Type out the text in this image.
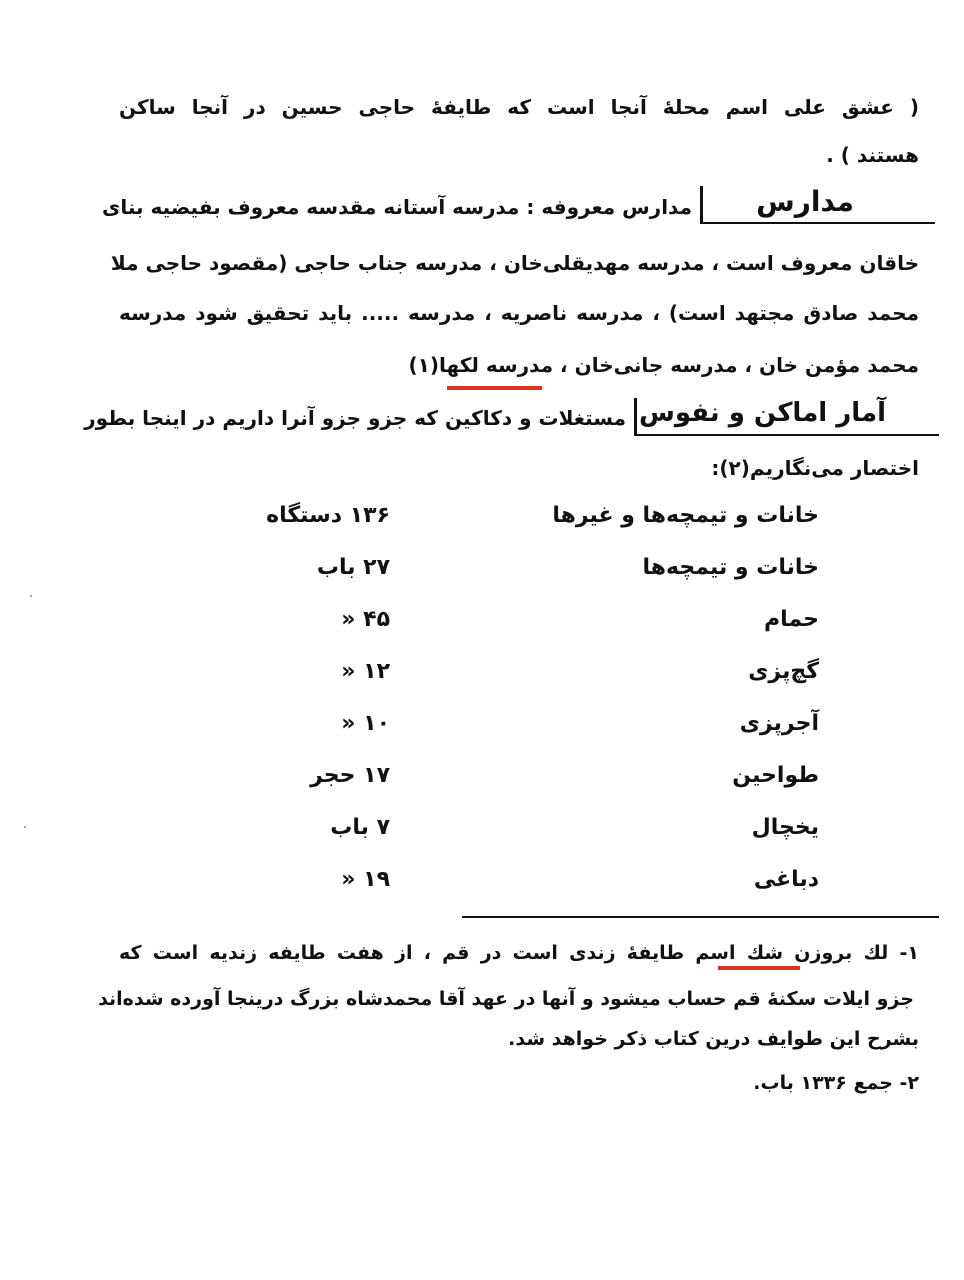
( عشق علی اسم محلهٔ آنجا است که طایفهٔ حاجی حسین در آنجا ساکن
هستند ) .
مدارس
مدارس معروفه : مدرسه آستانه مقدسه معروف بفیضیه بنای
خاقان معروف است ، مدرسه مهدیقلی‌خان ، مدرسه جناب حاجی (مقصود حاجی ملا
محمد صادق مجتهد است) ، مدرسه ناصریه ، مدرسه ..... باید تحقیق شود مدرسه
محمد مؤمن خان ، مدرسه جانی‌خان ، مدرسه لکها(۱)
آمار اماکن و نفوس
مستغلات و دکاکین که جزو جزو آنرا داریم در اینجا بطور
اختصار می‌نگاریم(۲):
خانات و تیمچه‌ها و غیرها
۱۳۶ دستگاه
خانات و تیمچه‌ها
۲۷ باب
حمام
۴۵ «
گچ‌پزی
۱۲ «
آجرپزی
۱۰ «
طواحین
۱۷ حجر
یخچال
۷ باب
دباغی
۱۹ «
۱- لك بروزن شك اسم طایفهٔ زندی است در قم ، از هفت طایفه زندیه است که
جزو ایلات سکنهٔ قم حساب میشود و آنها در عهد آقا محمدشاه بزرگ درینجا آورده شده‌اند
بشرح این طوایف درین کتاب ذکر خواهد شد.
۲- جمع ۱۳۳۶ باب.
